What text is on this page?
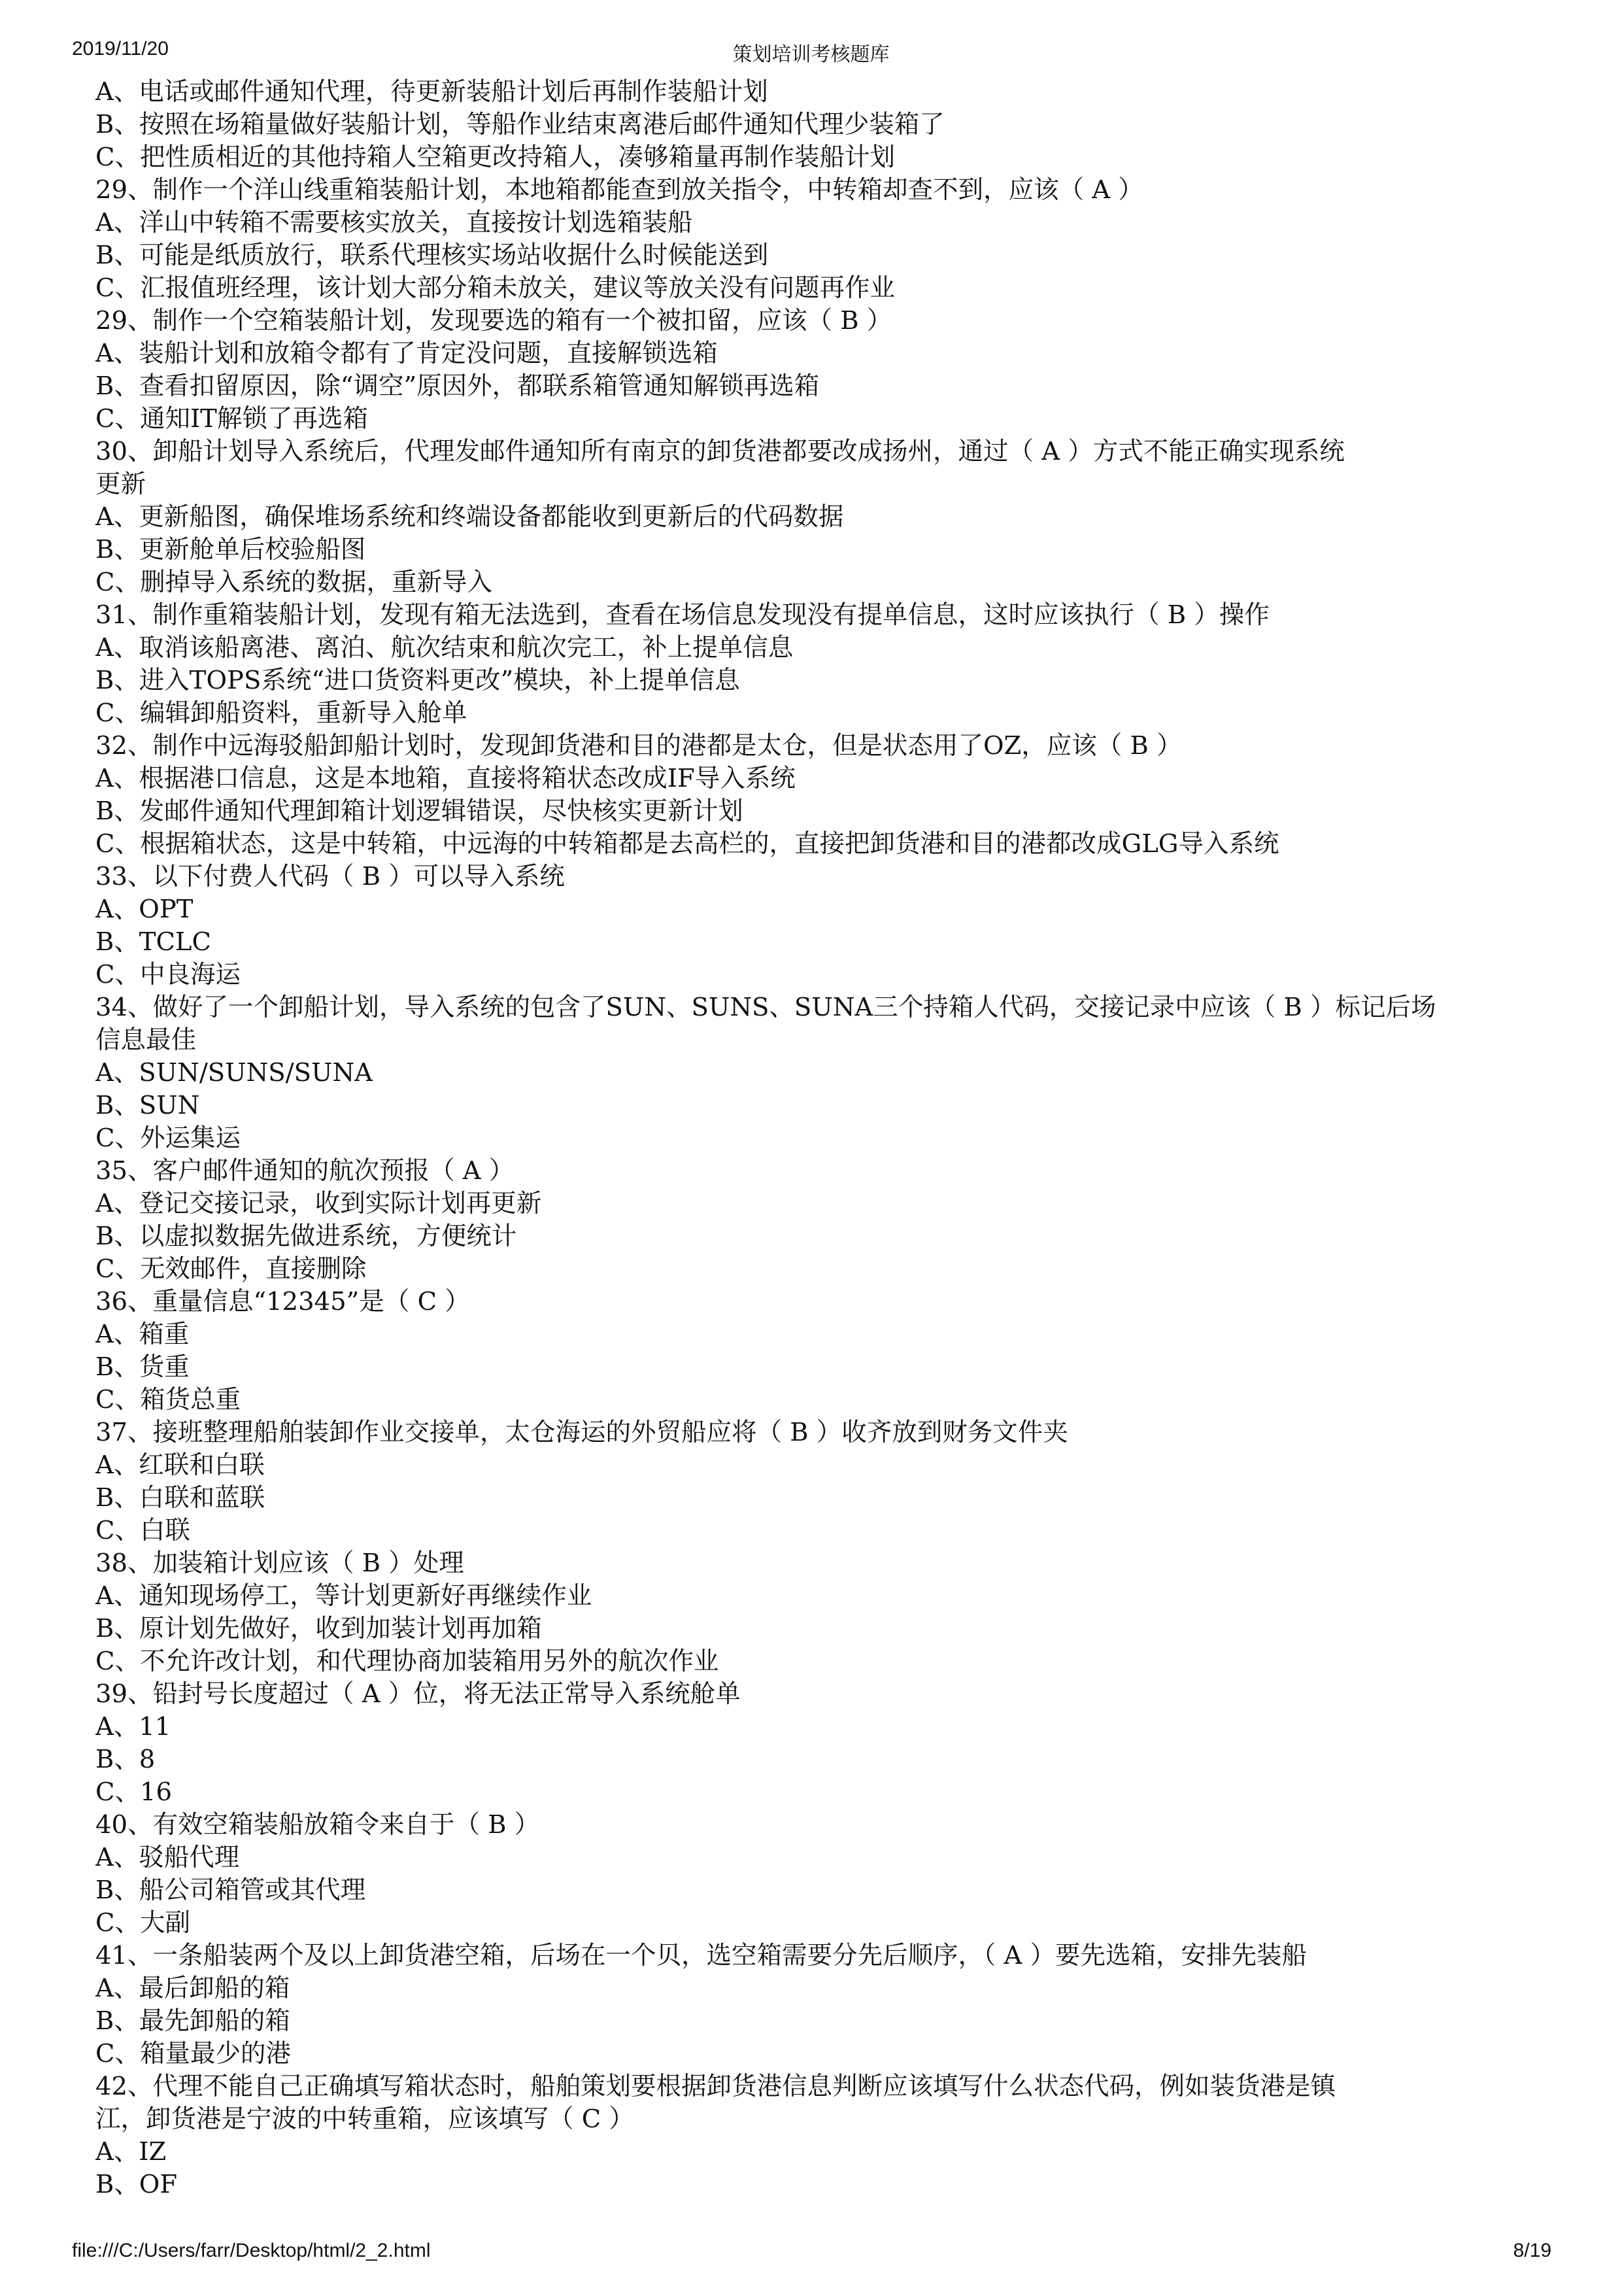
2019/11/20	策划培训考核题库
A、电话或邮件通知代理，待更新装船计划后再制作装船计划
B、按照在场箱量做好装船计划，等船作业结束离港后邮件通知代理少装箱了
C、把性质相近的其他持箱人空箱更改持箱人，凑够箱量再制作装船计划
29、制作一个洋山线重箱装船计划，本地箱都能查到放关指令，中转箱却查不到，应该（ A ）
A、洋山中转箱不需要核实放关，直接按计划选箱装船
B、可能是纸质放行，联系代理核实场站收据什么时候能送到
C、汇报值班经理，该计划大部分箱未放关，建议等放关没有问题再作业
29、制作一个空箱装船计划，发现要选的箱有一个被扣留，应该（ B ）
A、装船计划和放箱令都有了肯定没问题，直接解锁选箱
B、查看扣留原因，除“调空”原因外，都联系箱管通知解锁再选箱
C、通知IT解锁了再选箱
30、卸船计划导入系统后，代理发邮件通知所有南京的卸货港都要改成扬州，通过（ A ）方式不能正确实现系统
更新
A、更新船图，确保堆场系统和终端设备都能收到更新后的代码数据
B、更新舱单后校验船图
C、删掉导入系统的数据，重新导入
31、制作重箱装船计划，发现有箱无法选到，查看在场信息发现没有提单信息，这时应该执行（ B ）操作
A、取消该船离港、离泊、航次结束和航次完工，补上提单信息
B、进入TOPS系统“进口货资料更改”模块，补上提单信息
C、编辑卸船资料，重新导入舱单
32、制作中远海驳船卸船计划时，发现卸货港和目的港都是太仓，但是状态用了OZ，应该（ B ）
A、根据港口信息，这是本地箱，直接将箱状态改成IF导入系统
B、发邮件通知代理卸箱计划逻辑错误，尽快核实更新计划
C、根据箱状态，这是中转箱，中远海的中转箱都是去高栏的，直接把卸货港和目的港都改成GLG导入系统
33、以下付费人代码（ B ）可以导入系统
A、OPT
B、TCLC
C、中良海运
34、做好了一个卸船计划，导入系统的包含了SUN、SUNS、SUNA三个持箱人代码，交接记录中应该（ B ）标记后场
信息最佳
A、SUN/SUNS/SUNA
B、SUN
C、外运集运
35、客户邮件通知的航次预报（ A ）
A、登记交接记录，收到实际计划再更新
B、以虚拟数据先做进系统，方便统计
C、无效邮件，直接删除
36、重量信息“12345”是（ C ）
A、箱重
B、货重
C、箱货总重
37、接班整理船舶装卸作业交接单，太仓海运的外贸船应将（ B ）收齐放到财务文件夹
A、红联和白联
B、白联和蓝联
C、白联
38、加装箱计划应该（ B ）处理
A、通知现场停工，等计划更新好再继续作业
B、原计划先做好，收到加装计划再加箱
C、不允许改计划，和代理协商加装箱用另外的航次作业
39、铅封号长度超过（ A ）位，将无法正常导入系统舱单
A、11
B、8
C、16
40、有效空箱装船放箱令来自于（ B ）
A、驳船代理
B、船公司箱管或其代理
C、大副
41、一条船装两个及以上卸货港空箱，后场在一个贝，选空箱需要分先后顺序，（ A ）要先选箱，安排先装船
A、最后卸船的箱
B、最先卸船的箱
C、箱量最少的港
42、代理不能自己正确填写箱状态时，船舶策划要根据卸货港信息判断应该填写什么状态代码，例如装货港是镇
江，卸货港是宁波的中转重箱，应该填写（ C ）
A、IZ
B、OF
file:///C:/Users/farr/Desktop/html/2_2.html	8/19
